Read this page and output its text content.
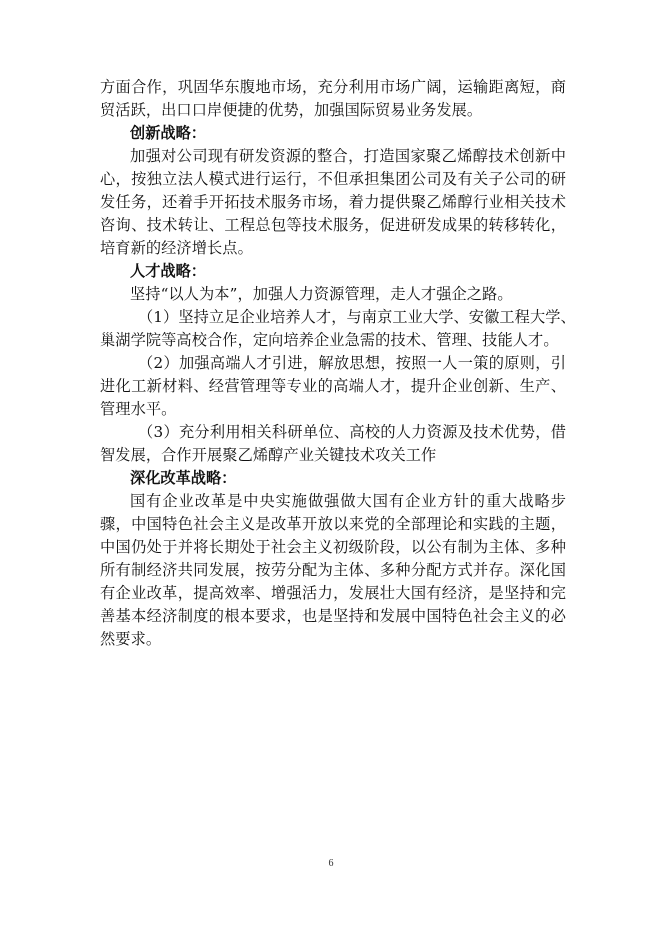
方面合作，巩固华东腹地市场，充分利用市场广阔，运输距离短，商
贸活跃，出口口岸便捷的优势，加强国际贸易业务发展。
创新战略：
加强对公司现有研发资源的整合，打造国家聚乙烯醇技术创新中
心，按独立法人模式进行运行，不但承担集团公司及有关子公司的研
发任务，还着手开拓技术服务市场，着力提供聚乙烯醇行业相关技术
咨询、技术转让、工程总包等技术服务，促进研发成果的转移转化，
培育新的经济增长点。
人才战略：
坚持“以人为本”，加强人力资源管理，走人才强企之路。
（1）坚持立足企业培养人才，与南京工业大学、安徽工程大学、
巢湖学院等高校合作，定向培养企业急需的技术、管理、技能人才。
（2）加强高端人才引进，解放思想，按照一人一策的原则，引
进化工新材料、经营管理等专业的高端人才，提升企业创新、生产、
管理水平。
（3）充分利用相关科研单位、高校的人力资源及技术优势，借
智发展，合作开展聚乙烯醇产业关键技术攻关工作
深化改革战略：
国有企业改革是中央实施做强做大国有企业方针的重大战略步
骤，中国特色社会主义是改革开放以来党的全部理论和实践的主题，
中国仍处于并将长期处于社会主义初级阶段，以公有制为主体、多种
所有制经济共同发展，按劳分配为主体、多种分配方式并存。深化国
有企业改革，提高效率、增强活力，发展壮大国有经济，是坚持和完
善基本经济制度的根本要求，也是坚持和发展中国特色社会主义的必
然要求。
6
